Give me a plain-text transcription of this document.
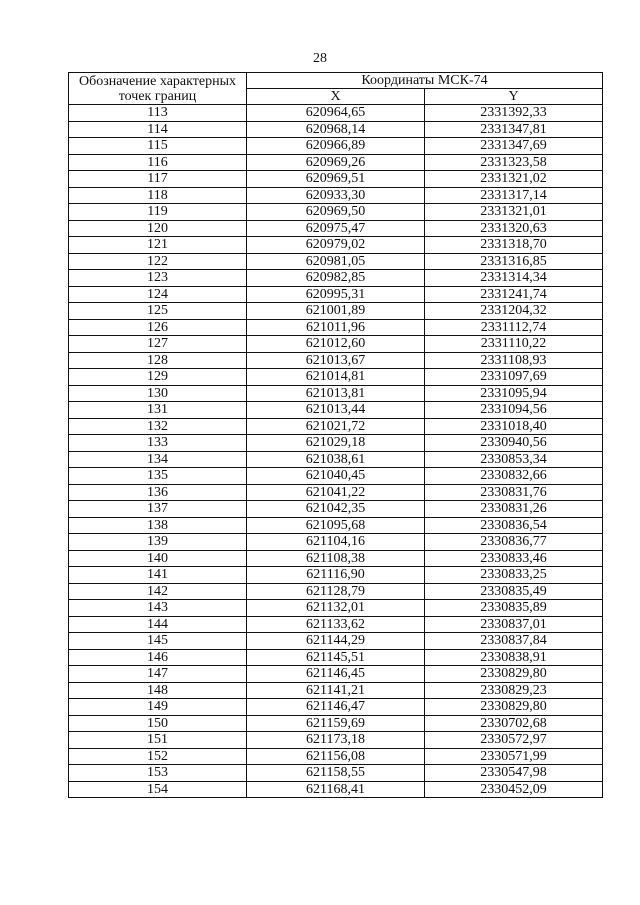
28
Обозначение характерных точек границ	Координаты МСК-74	
	X	Y
113	620964,65	2331392,33
114	620968,14	2331347,81
115	620966,89	2331347,69
116	620969,26	2331323,58
117	620969,51	2331321,02
118	620933,30	2331317,14
119	620969,50	2331321,01
120	620975,47	2331320,63
121	620979,02	2331318,70
122	620981,05	2331316,85
123	620982,85	2331314,34
124	620995,31	2331241,74
125	621001,89	2331204,32
126	621011,96	2331112,74
127	621012,60	2331110,22
128	621013,67	2331108,93
129	621014,81	2331097,69
130	621013,81	2331095,94
131	621013,44	2331094,56
132	621021,72	2331018,40
133	621029,18	2330940,56
134	621038,61	2330853,34
135	621040,45	2330832,66
136	621041,22	2330831,76
137	621042,35	2330831,26
138	621095,68	2330836,54
139	621104,16	2330836,77
140	621108,38	2330833,46
141	621116,90	2330833,25
142	621128,79	2330835,49
143	621132,01	2330835,89
144	621133,62	2330837,01
145	621144,29	2330837,84
146	621145,51	2330838,91
147	621146,45	2330829,80
148	621141,21	2330829,23
149	621146,47	2330829,80
150	621159,69	2330702,68
151	621173,18	2330572,97
152	621156,08	2330571,99
153	621158,55	2330547,98
154	621168,41	2330452,09
